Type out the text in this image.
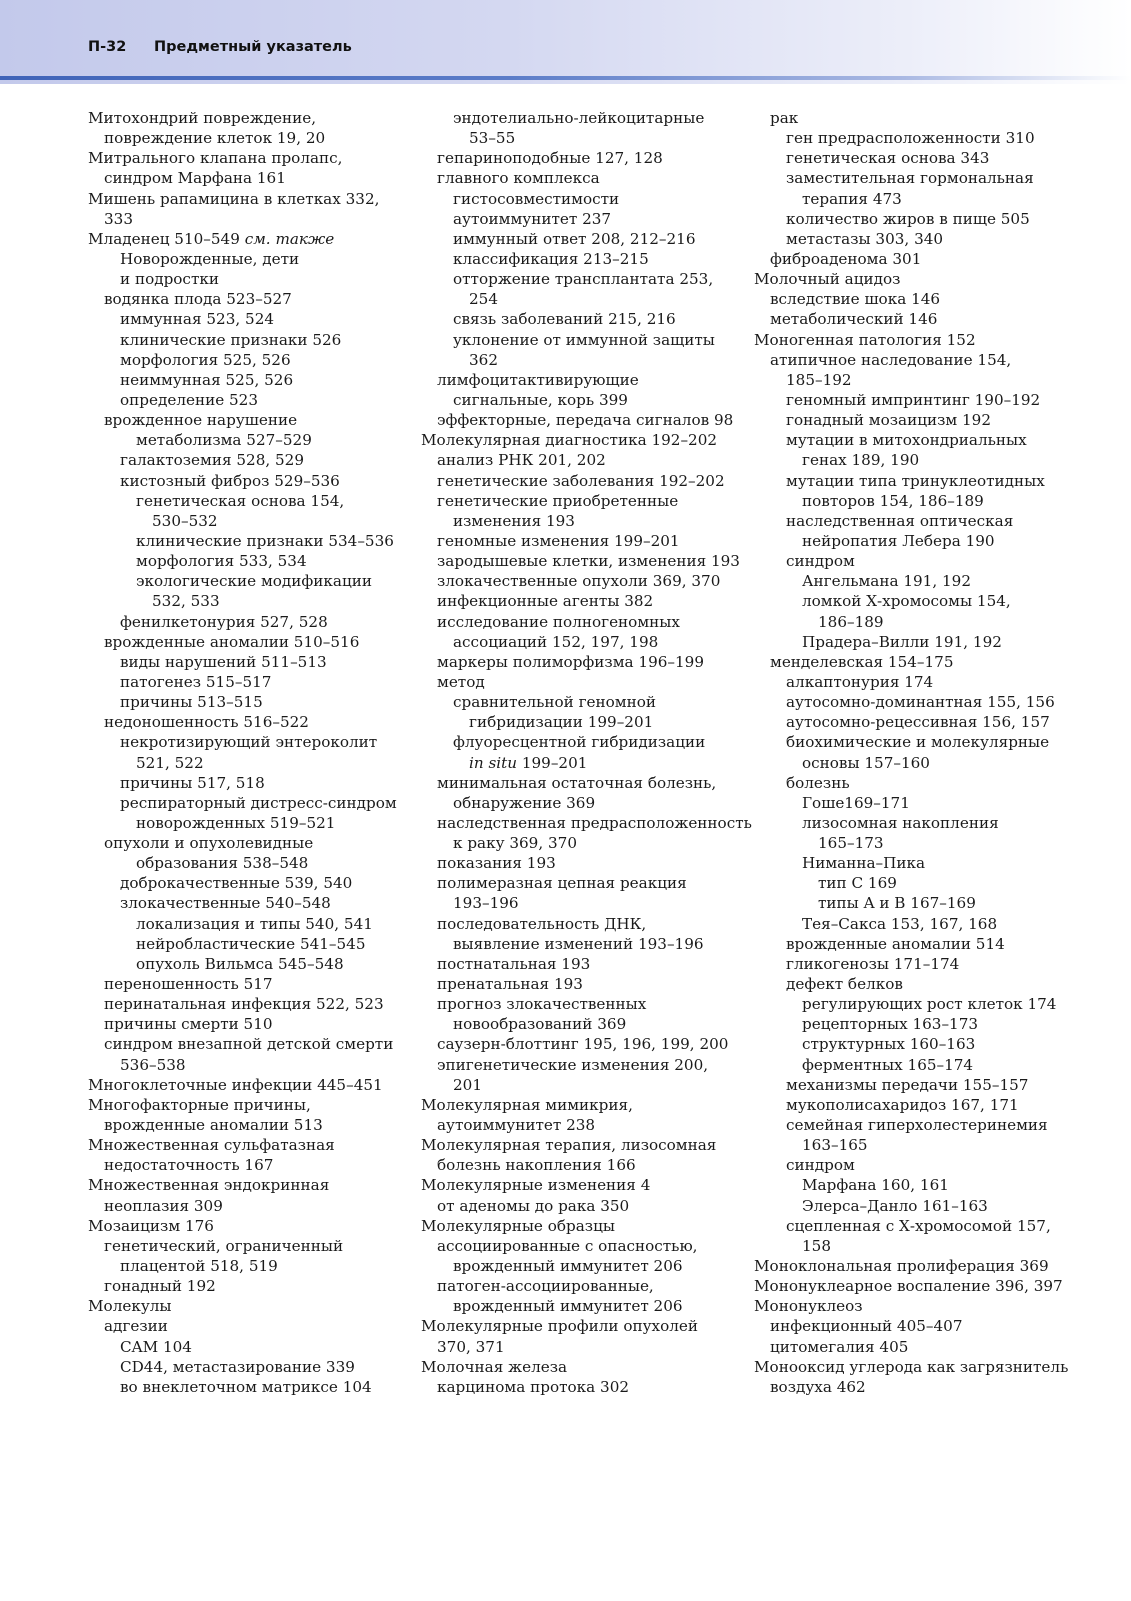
П-32 Предметный указатель
Митохондрий повреждение,
повреждение клеток 19, 20
Митрального клапана пролапс,
синдром Марфана 161
Мишень рапамицина в клетках 332,
333
Младенец 510–549 см. также
Новорожденные, дети
и подростки
водянка плода 523–527
иммунная 523, 524
клинические признаки 526
морфология 525, 526
неиммунная 525, 526
определение 523
врожденное нарушение
метаболизма 527–529
галактоземия 528, 529
кистозный фиброз 529–536
генетическая основа 154,
530–532
клинические признаки 534–536
морфология 533, 534
экологические модификации
532, 533
фенилкетонурия 527, 528
врожденные аномалии 510–516
виды нарушений 511–513
патогенез 515–517
причины 513–515
недоношенность 516–522
некротизирующий энтероколит
521, 522
причины 517, 518
респираторный дистресс-синдром
новорожденных 519–521
опухоли и опухолевидные
образования 538–548
доброкачественные 539, 540
злокачественные 540–548
локализация и типы 540, 541
нейробластические 541–545
опухоль Вильмса 545–548
переношенность 517
перинатальная инфекция 522, 523
причины смерти 510
синдром внезапной детской смерти
536–538
Многоклеточные инфекции 445–451
Многофакторные причины,
врожденные аномалии 513
Множественная сульфатазная
недостаточность 167
Множественная эндокринная
неоплазия 309
Мозаицизм 176
генетический, ограниченный
плацентой 518, 519
гонадный 192
Молекулы
адгезии
CAM 104
CD44, метастазирование 339
во внеклеточном матриксе 104
эндотелиально-лейкоцитарные
53–55
гепариноподобные 127, 128
главного комплекса
гистосовместимости
аутоиммунитет 237
иммунный ответ 208, 212–216
классификация 213–215
отторжение трансплантата 253,
254
связь заболеваний 215, 216
уклонение от иммунной защиты
362
лимфоцитактивирующие
сигнальные, корь 399
эффекторные, передача сигналов 98
Молекулярная диагностика 192–202
анализ РНК 201, 202
генетические заболевания 192–202
генетические приобретенные
изменения 193
геномные изменения 199–201
зародышевые клетки, изменения 193
злокачественные опухоли 369, 370
инфекционные агенты 382
исследование полногеномных
ассоциаций 152, 197, 198
маркеры полиморфизма 196–199
метод
сравнительной геномной
гибридизации 199–201
флуоресцентной гибридизации
in situ 199–201
минимальная остаточная болезнь,
обнаружение 369
наследственная предрасположенность
к раку 369, 370
показания 193
полимеразная цепная реакция
193–196
последовательность ДНК,
выявление изменений 193–196
постнатальная 193
пренатальная 193
прогноз злокачественных
новообразований 369
саузерн-блоттинг 195, 196, 199, 200
эпигенетические изменения 200,
201
Молекулярная мимикрия,
аутоиммунитет 238
Молекулярная терапия, лизосомная
болезнь накопления 166
Молекулярные изменения 4
от аденомы до рака 350
Молекулярные образцы
ассоциированные с опасностью,
врожденный иммунитет 206
патоген-ассоциированные,
врожденный иммунитет 206
Молекулярные профили опухолей
370, 371
Молочная железа
карцинома протока 302
рак
ген предрасположенности 310
генетическая основа 343
заместительная гормональная
терапия 473
количество жиров в пище 505
метастазы 303, 340
фиброаденома 301
Молочный ацидоз
вследствие шока 146
метаболический 146
Моногенная патология 152
атипичное наследование 154,
185–192
геномный импринтинг 190–192
гонадный мозаицизм 192
мутации в митохондриальных
генах 189, 190
мутации типа тринуклеотидных
повторов 154, 186–189
наследственная оптическая
нейропатия Лебера 190
синдром
Ангельмана 191, 192
ломкой Х-хромосомы 154,
186–189
Прадера–Вилли 191, 192
менделевская 154–175
алкаптонурия 174
аутосомно-доминантная 155, 156
аутосомно-рецессивная 156, 157
биохимические и молекулярные
основы 157–160
болезнь
Гоше169–171
лизосомная накопления
165–173
Ниманна–Пика
тип C 169
типы A и B 167–169
Тея–Сакса 153, 167, 168
врожденные аномалии 514
гликогенозы 171–174
дефект белков
регулирующих рост клеток 174
рецепторных 163–173
структурных 160–163
ферментных 165–174
механизмы передачи 155–157
мукополисахаридоз 167, 171
семейная гиперхолестеринемия
163–165
синдром
Марфана 160, 161
Элерса–Данло 161–163
сцепленная с Х-хромосомой 157,
158
Моноклональная пролиферация 369
Мононуклеарное воспаление 396, 397
Мононуклеоз
инфекционный 405–407
цитомегалия 405
Монооксид углерода как загрязнитель
воздуха 462
